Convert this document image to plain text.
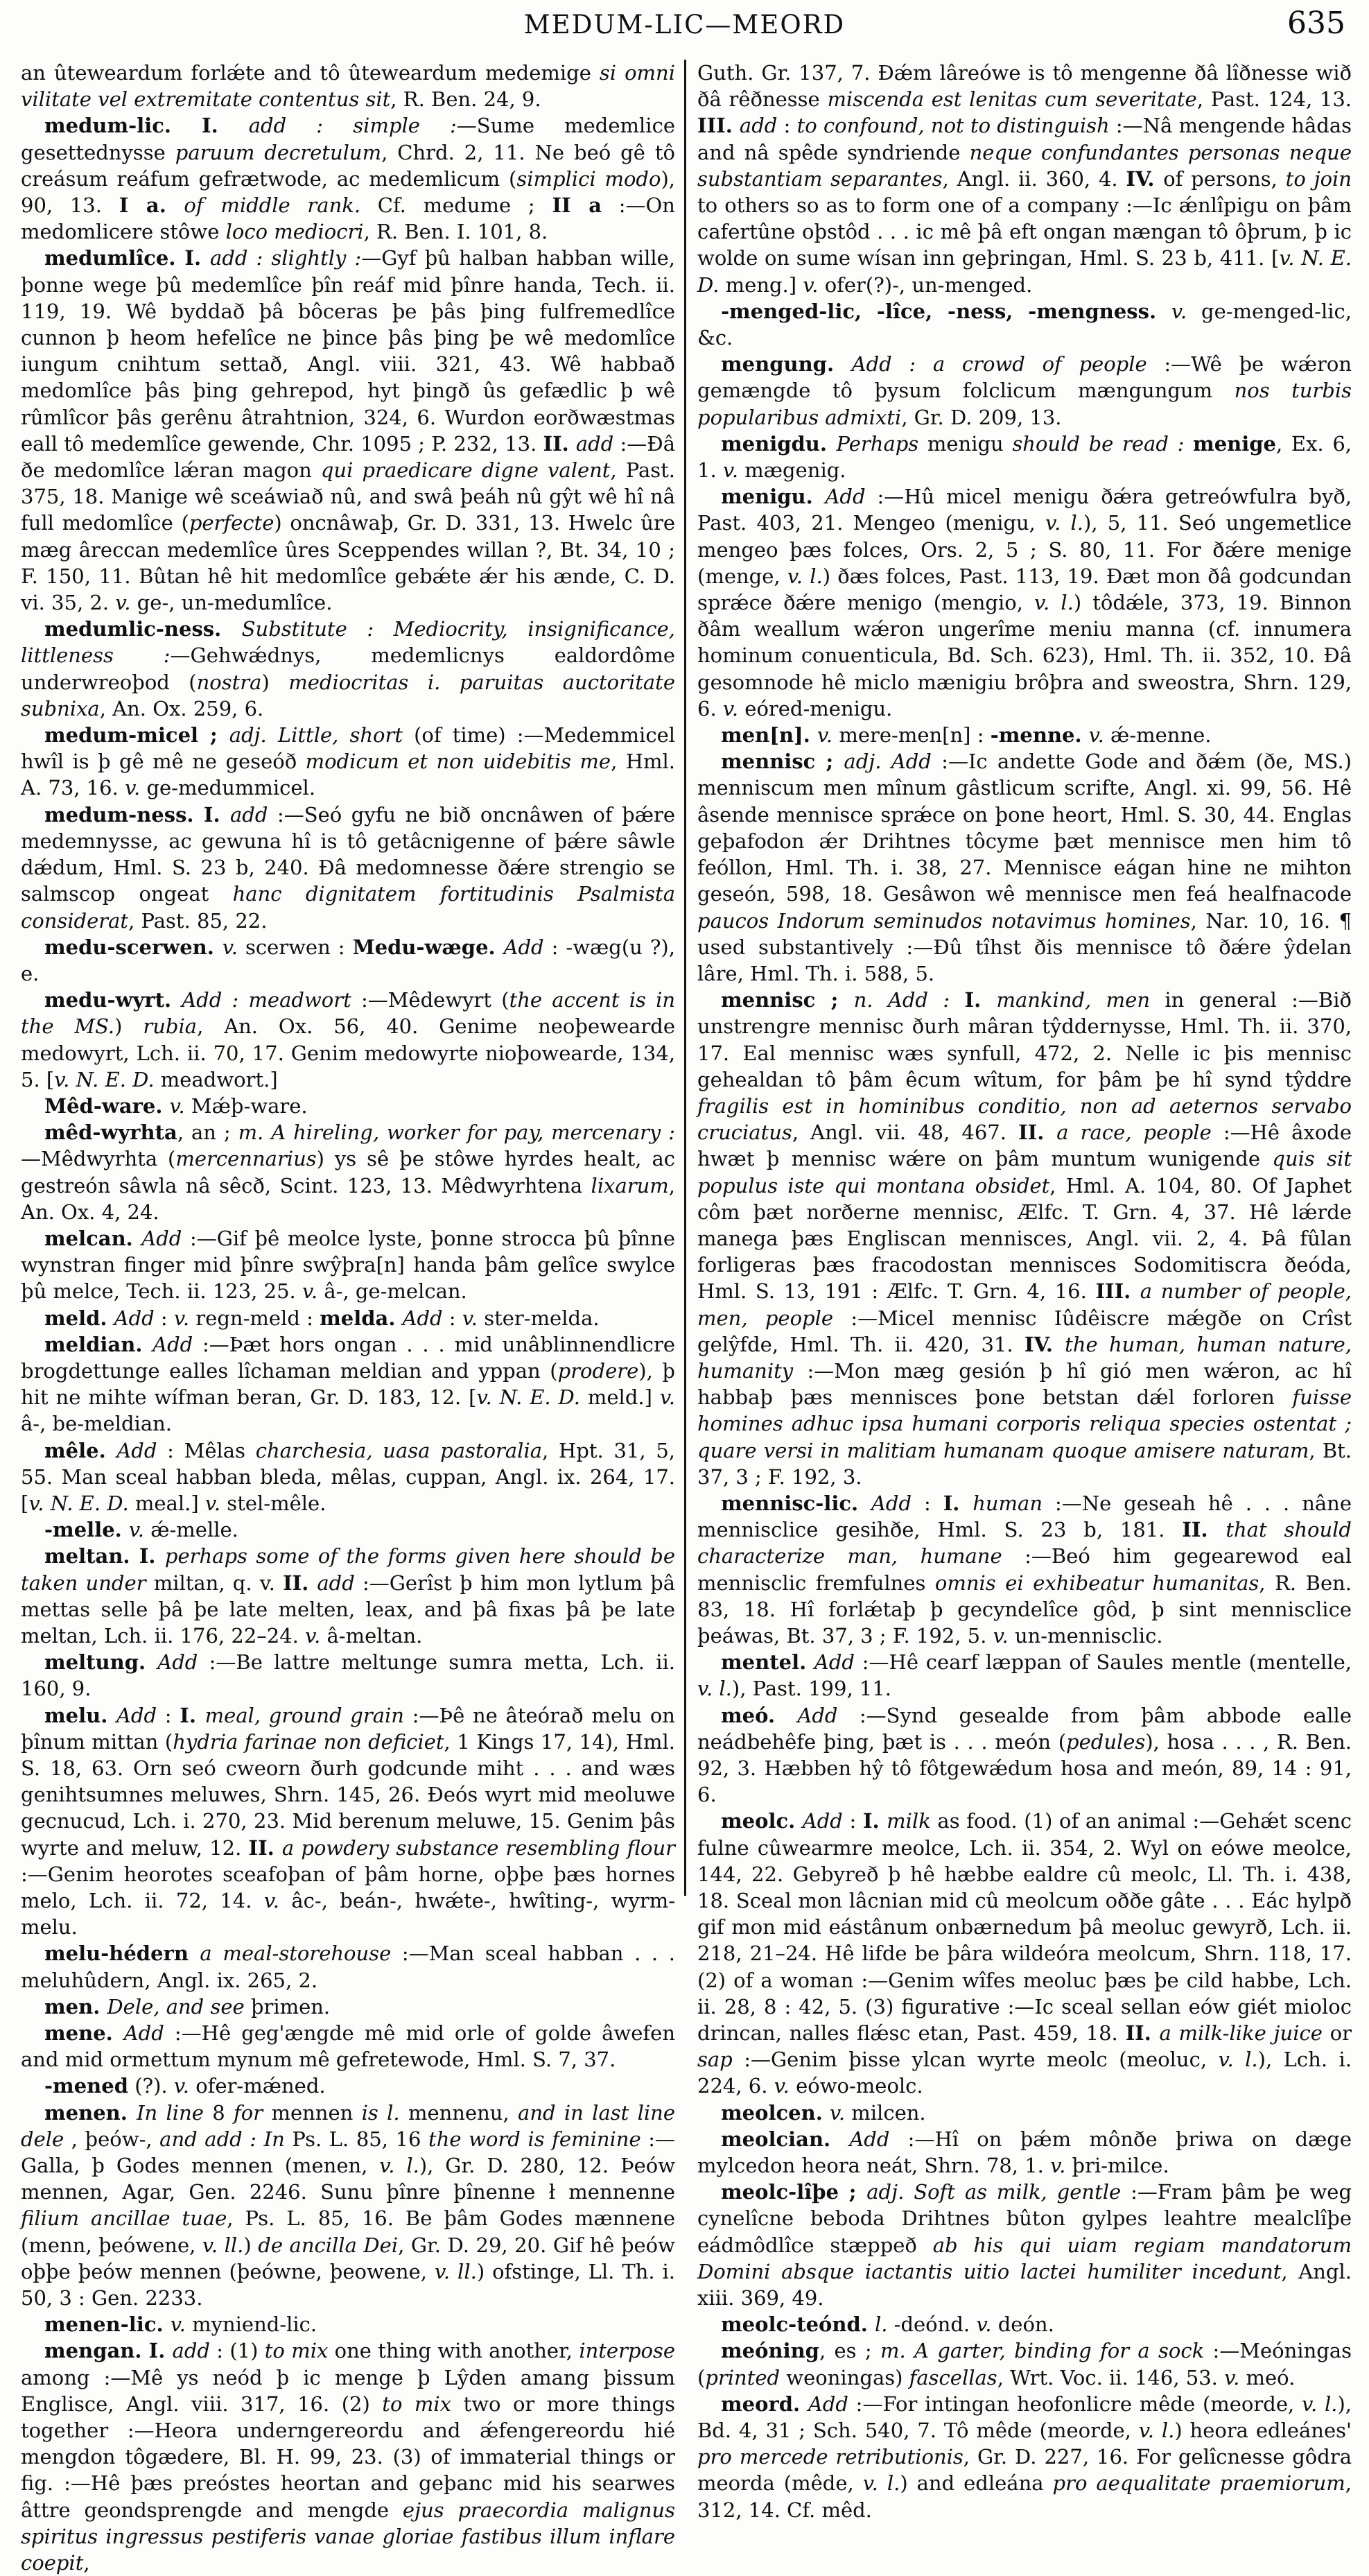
MEDUM-LIC—MEORD	635

an ûteweardum forlǽte and tô ûteweardum medemige si omni vilitate vel extremitate contentus sit, R. Ben. 24, 9.

medum-lic. I. add : simple :—Sume medemlice gesettednysse paruum decretulum, Chrd. 2, 11. Ne beó gê tô creásum reáfum gefrætwode, ac medemlicum (simplici modo), 90, 13. I a. of middle rank. Cf. medume ; II a :—On medomlicere stôwe loco mediocri, R. Ben. I. 101, 8.

medumlîce. I. add : slightly :—Gyf þû halban habban wille, þonne wege þû medemlîce þîn reáf mid þînre handa, Tech. ii. 119, 19. Wê byddað þâ bôceras þe þâs þing fulfremedlîce cunnon þ heom hefelîce ne þince þâs þing þe wê medomlîce iungum cnihtum settað, Angl. viii. 321, 43. Wê habbað medomlîce þâs þing gehrepod, hyt þingð ûs gefædlic þ wê rûmlîcor þâs gerênu âtrahtnion, 324, 6. Wurdon eorðwæstmas eall tô medemlîce gewende, Chr. 1095 ; P. 232, 13. II. add :—Đâ ðe medomlîce lǽran magon qui praedicare digne valent, Past. 375, 18. Manige wê sceáwiað nû, and swâ þeáh nû gŷt wê hî nâ full medomlîce (perfecte) oncnâwaþ, Gr. D. 331, 13. Hwelc ûre mæg âreccan medemlîce ûres Sceppendes willan ?, Bt. 34, 10 ; F. 150, 11. Bûtan hê hit medomlîce gebǽte ǽr his ænde, C. D. vi. 35, 2. v. ge-, un-medumlîce.

medumlic-ness. Substitute : Mediocrity, insignificance, littleness :—Gehwǽdnys, medemlicnys ealdordôme underwreoþod (nostra) mediocritas i. paruitas auctoritate subnixa, An. Ox. 259, 6.

medum-micel ; adj. Little, short (of time) :—Medemmicel hwîl is þ gê mê ne geseóð modicum et non uidebitis me, Hml. A. 73, 16. v. ge-medummicel.

medum-ness. I. add :—Seó gyfu ne bið oncnâwen of þǽre medemnysse, ac gewuna hî is tô getâcnigenne of þǽre sâwle dǽdum, Hml. S. 23 b, 240. Đâ medomnesse ðǽre strengio se salmscop ongeat hanc dignitatem fortitudinis Psalmista considerat, Past. 85, 22.

medu-scerwen. v. scerwen : Medu-wæge. Add : -wæg(u ?), e.

medu-wyrt. Add : meadwort :—Mêdewyrt (the accent is in the MS.) rubia, An. Ox. 56, 40. Genime neoþewearde medowyrt, Lch. ii. 70, 17. Genim medowyrte nioþowearde, 134, 5. [v. N. E. D. meadwort.]

Mêd-ware. v. Mǽþ-ware.

mêd-wyrhta, an ; m. A hireling, worker for pay, mercenary :—Mêdwyrhta (mercennarius) ys sê þe stôwe hyrdes healt, ac gestreón sâwla nâ sêcð, Scint. 123, 13. Mêdwyrhtena lixarum, An. Ox. 4, 24.

melcan. Add :—Gif þê meolce lyste, þonne strocca þû þînne wynstran finger mid þînre swŷþra[n] handa þâm gelîce swylce þû melce, Tech. ii. 123, 25. v. â-, ge-melcan.

meld. Add : v. regn-meld : melda. Add : v. ster-melda.

meldian. Add :—Þæt hors ongan . . . mid unâblinnendlicre brogdettunge ealles lîchaman meldian and yppan (prodere), þ hit ne mihte wífman beran, Gr. D. 183, 12. [v. N. E. D. meld.] v. â-, be-meldian.

mêle. Add : Mêlas charchesia, uasa pastoralia, Hpt. 31, 5, 55. Man sceal habban bleda, mêlas, cuppan, Angl. ix. 264, 17. [v. N. E. D. meal.] v. stel-mêle.

-melle. v. ǽ-melle.

meltan. I. perhaps some of the forms given here should be taken under miltan, q. v. II. add :—Gerîst þ him mon lytlum þâ mettas selle þâ þe late melten, leax, and þâ fixas þâ þe late meltan, Lch. ii. 176, 22–24. v. â-meltan.

meltung. Add :—Be lattre meltunge sumra metta, Lch. ii. 160, 9.

melu. Add : I. meal, ground grain :—Þê ne âteórað melu on þînum mittan (hydria farinae non deficiet, 1 Kings 17, 14), Hml. S. 18, 63. Orn seó cweorn ðurh godcunde miht . . . and wæs genihtsumnes meluwes, Shrn. 145, 26. Đeós wyrt mid meoluwe gecnucud, Lch. i. 270, 23. Mid berenum meluwe, 15. Genim þâs wyrte and meluw, 12. II. a powdery substance resembling flour :—Genim heorotes sceafoþan of þâm horne, oþþe þæs hornes melo, Lch. ii. 72, 14. v. âc-, beán-, hwǽte-, hwîting-, wyrm-melu.

melu-hédern a meal-storehouse :—Man sceal habban . . . meluhûdern, Angl. ix. 265, 2.

men. Dele, and see þrimen.

mene. Add :—Hê geg'ængde mê mid orle of golde âwefen and mid ormettum mynum mê gefretewode, Hml. S. 7, 37.

-mened (?). v. ofer-mǽned.

menen. In line 8 for mennen is l. mennenu, and in last line dele , þeów-, and add : In Ps. L. 85, 16 the word is feminine :—Galla, þ Godes mennen (menen, v. l.), Gr. D. 280, 12. Þeów mennen, Agar, Gen. 2246. Sunu þînre þînenne ł mennenne filium ancillae tuae, Ps. L. 85, 16. Be þâm Godes mænnene (menn, þeówene, v. ll.) de ancilla Dei, Gr. D. 29, 20. Gif hê þeów oþþe þeów mennen (þeówne, þeowene, v. ll.) ofstinge, Ll. Th. i. 50, 3 : Gen. 2233.

menen-lic. v. myniend-lic.

mengan. I. add : (1) to mix one thing with another, interpose among :—Mê ys neód þ ic menge þ Lŷden amang þissum Englisce, Angl. viii. 317, 16. (2) to mix two or more things together :—Heora underngereordu and ǽfengereordu hié mengdon tôgædere, Bl. H. 99, 23. (3) of immaterial things or fig. :—Hê þæs preóstes heortan and geþanc mid his searwes âttre geondsprengde and mengde ejus praecordia malignus spiritus ingressus pestiferis vanae gloriae fastibus illum inflare coepit,

Guth. Gr. 137, 7. Đǽm lâreówe is tô mengenne ðâ lîðnesse wið ðâ rêðnesse miscenda est lenitas cum severitate, Past. 124, 13. III. add : to confound, not to distinguish :—Nâ mengende hâdas and nâ spêde syndriende neque confundantes personas neque substantiam separantes, Angl. ii. 360, 4. IV. of persons, to join to others so as to form one of a company :—Ic ǽnlîpigu on þâm cafertûne oþstôd . . . ic mê þâ eft ongan mængan tô ôþrum, þ ic wolde on sume wísan inn geþringan, Hml. S. 23 b, 411. [v. N. E. D. meng.] v. ofer(?)-, un-menged.

-menged-lic, -lîce, -ness, -mengness. v. ge-menged-lic, &c.

mengung. Add : a crowd of people :—Wê þe wǽron gemængde tô þysum folclicum mængungum nos turbis popularibus admixti, Gr. D. 209, 13.

menigdu. Perhaps menigu should be read : menige, Ex. 6, 1. v. mægenig.

menigu. Add :—Hû micel menigu ðǽra getreówfulra byð, Past. 403, 21. Mengeo (menigu, v. l.), 5, 11. Seó ungemetlice mengeo þæs folces, Ors. 2, 5 ; S. 80, 11. For ðǽre menige (menge, v. l.) ðæs folces, Past. 113, 19. Đæt mon ðâ godcundan sprǽce ðǽre menigo (mengio, v. l.) tôdǽle, 373, 19. Binnon ðâm weallum wǽron ungerîme meniu manna (cf. innumera hominum conuenticula, Bd. Sch. 623), Hml. Th. ii. 352, 10. Đâ gesomnode hê miclo mænigiu brôþra and sweostra, Shrn. 129, 6. v. eóred-menigu.

men[n]. v. mere-men[n] : -menne. v. ǽ-menne.

mennisc ; adj. Add :—Ic andette Gode and ðǽm (ðe, MS.) menniscum men mînum gâstlicum scrifte, Angl. xi. 99, 56. Hê âsende mennisce sprǽce on þone heort, Hml. S. 30, 44. Englas geþafodon ǽr Drihtnes tôcyme þæt mennisce men him tô feóllon, Hml. Th. i. 38, 27. Mennisce eágan hine ne mihton geseón, 598, 18. Gesâwon wê mennisce men feá healfnacode paucos Indorum seminudos notavimus homines, Nar. 10, 16. ¶ used substantively :—Đû tîhst ðis mennisce tô ðǽre ŷdelan lâre, Hml. Th. i. 588, 5.

mennisc ; n. Add : I. mankind, men in general :—Bið unstrengre mennisc ðurh mâran tŷddernysse, Hml. Th. ii. 370, 17. Eal mennisc wæs synfull, 472, 2. Nelle ic þis mennisc gehealdan tô þâm êcum wîtum, for þâm þe hî synd tŷddre fragilis est in hominibus conditio, non ad aeternos servabo cruciatus, Angl. vii. 48, 467. II. a race, people :—Hê âxode hwæt þ mennisc wǽre on þâm muntum wunigende quis sit populus iste qui montana obsidet, Hml. A. 104, 80. Of Japhet côm þæt norðerne mennisc, Ælfc. T. Grn. 4, 37. Hê lǽrde manega þæs Engliscan mennisces, Angl. vii. 2, 4. Þâ fûlan forligeras þæs fracodostan mennisces Sodomitiscra ðeóda, Hml. S. 13, 191 : Ælfc. T. Grn. 4, 16. III. a number of people, men, people :—Micel mennisc Iûdêiscre mǽgðe on Crîst gelŷfde, Hml. Th. ii. 420, 31. IV. the human, human nature, humanity :—Mon mæg gesión þ hî gió men wǽron, ac hî habbaþ þæs mennisces þone betstan dǽl forloren fuisse homines adhuc ipsa humani corporis reliqua species ostentat ; quare versi in malitiam humanam quoque amisere naturam, Bt. 37, 3 ; F. 192, 3.

mennisc-lic. Add : I. human :—Ne geseah hê . . . nâne mennisclice gesihðe, Hml. S. 23 b, 181. II. that should characterize man, humane :—Beó him gegearewod eal mennisclic fremfulnes omnis ei exhibeatur humanitas, R. Ben. 83, 18. Hî forlǽtaþ þ gecyndelîce gôd, þ sint mennisclice þeáwas, Bt. 37, 3 ; F. 192, 5. v. un-mennisclic.

mentel. Add :—Hê cearf læppan of Saules mentle (mentelle, v. l.), Past. 199, 11.

meó. Add :—Synd gesealde from þâm abbode ealle neádbehêfe þing, þæt is . . . meón (pedules), hosa . . . , R. Ben. 92, 3. Hæbben hŷ tô fôtgewǽdum hosa and meón, 89, 14 : 91, 6.

meolc. Add : I. milk as food. (1) of an animal :—Gehǽt scenc fulne cûwearmre meolce, Lch. ii. 354, 2. Wyl on eówe meolce, 144, 22. Gebyreð þ hê hæbbe ealdre cû meolc, Ll. Th. i. 438, 18. Sceal mon lâcnian mid cû meolcum oððe gâte . . . Eác hylpð gif mon mid eástânum onbærnedum þâ meoluc gewyrð, Lch. ii. 218, 21–24. Hê lifde be þâra wildeóra meolcum, Shrn. 118, 17. (2) of a woman :—Genim wîfes meoluc þæs þe cild habbe, Lch. ii. 28, 8 : 42, 5. (3) figurative :—Ic sceal sellan eów giét mioloc drincan, nalles flǽsc etan, Past. 459, 18. II. a milk-like juice or sap :—Genim þisse ylcan wyrte meolc (meoluc, v. l.), Lch. i. 224, 6. v. eówo-meolc.

meolcen. v. milcen.

meolcian. Add :—Hî on þǽm mônðe þriwa on dæge mylcedon heora neát, Shrn. 78, 1. v. þri-milce.

meolc-lîþe ; adj. Soft as milk, gentle :—Fram þâm þe weg cynelîcne beboda Drihtnes bûton gylpes leahtre mealclîþe eádmôdlîce stæppeð ab his qui uiam regiam mandatorum Domini absque iactantis uitio lactei humiliter incedunt, Angl. xiii. 369, 49.

meolc-teónd. l. -deónd. v. deón.

meóning, es ; m. A garter, binding for a sock :—Meóningas (printed weoningas) fascellas, Wrt. Voc. ii. 146, 53. v. meó.

meord. Add :—For intingan heofonlicre mêde (meorde, v. l.), Bd. 4, 31 ; Sch. 540, 7. Tô mêde (meorde, v. l.) heora edleánes' pro mercede retributionis, Gr. D. 227, 16. For gelîcnesse gôdra meorda (mêde, v. l.) and edleána pro aequalitate praemiorum, 312, 14. Cf. mêd.
